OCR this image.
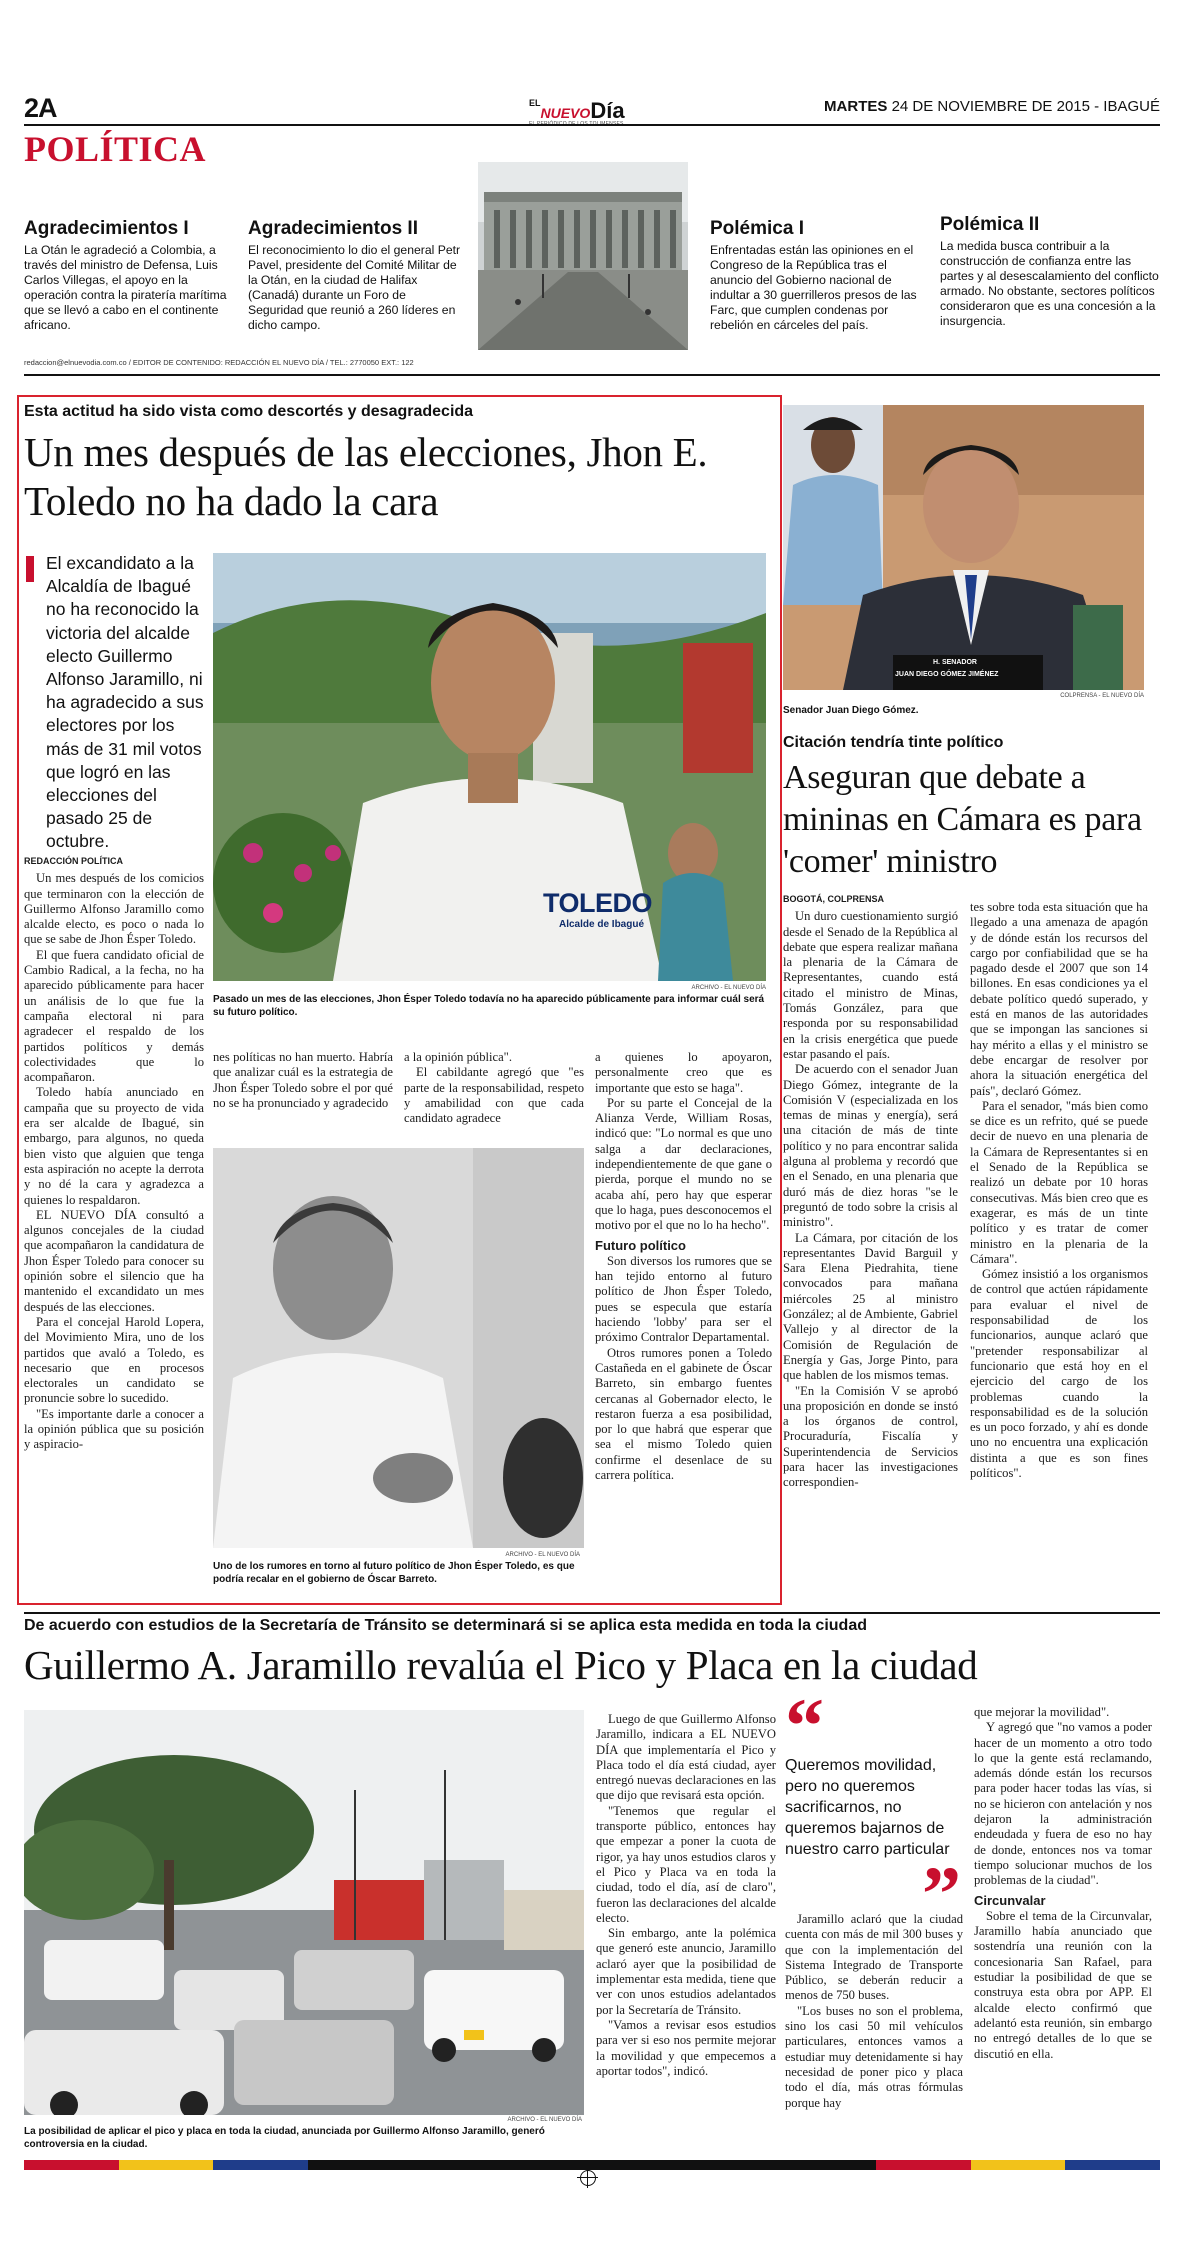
2A
POLÍTICA
$^{EL}$NUEVODía	MARTES 24 DE NOVIEMBRE DE 2015 - IBAGUÉ
Agradecimientos I
La Otán le agradeció a Colombia, a través del ministro de Defensa, Luis Carlos Villegas, el apoyo en la operación contra la piratería marítima que se llevó a cabo en el continente africano.
Agradecimientos II
El reconocimiento lo dio el general Petr Pavel, presidente del Comité Militar de la Otán, en la ciudad de Halifax (Canadá) durante un Foro de Seguridad que reunió a 260 líderes en dicho campo.
Polémica I
Enfrentadas están las opiniones en el Congreso de la República tras el anuncio del Gobierno nacional de indultar a 30 guerrilleros presos de las Farc, que cumplen condenas por rebelión en cárceles del país.
Polémica II
La medida busca contribuir a la construcción de confianza entre las partes y al desescalamiento del conflicto armado. No obstante, sectores políticos consideraron que es una concesión a la insurgencia.
redaccion@elnuevodia.com.co / EDITOR DE CONTENIDO: REDACCIÓN EL NUEVO DÍA / TEL.: 2770050 EXT.: 122
Esta actitud ha sido vista como descortés y desagradecida
Un mes después de las elecciones, Jhon E. Toledo no ha dado la cara
El excandidato a la Alcaldía de Ibagué no ha reconocido la victoria del alcalde electo Guillermo Alfonso Jaramillo, ni ha agradecido a sus electores por los más de 31 mil votos que logró en las elecciones del pasado 25 de octubre.
TOLEDO
Alcalde de Ibagué
ARCHIVO - EL NUEVO DÍA
Pasado un mes de las elecciones, Jhon Ésper Toledo todavía no ha aparecido públicamente para informar cuál será su futuro político.
REDACCIÓN POLÍTICA

Un mes después de los comicios que terminaron con la elección de Guillermo Alfonso Jaramillo como alcalde electo, es poco o nada lo que se sabe de Jhon Ésper Toledo.

El que fuera candidato oficial de Cambio Radical, a la fecha, no ha aparecido públicamente para hacer un análisis de lo que fue la campaña electoral ni para agradecer el respaldo de los partidos políticos y demás colectividades que lo acompañaron.

Toledo había anunciado en campaña que su proyecto de vida era ser alcalde de Ibagué, sin embargo, para algunos, no queda bien visto que alguien que tenga esta aspiración no acepte la derrota y no dé la cara y agradezca a quienes lo respaldaron.

EL NUEVO DÍA consultó a algunos concejales de la ciudad que acompañaron la candidatura de Jhon Ésper Toledo para conocer su opinión sobre el silencio que ha mantenido el excandidato un mes después de las elecciones.

Para el concejal Harold Lopera, del Movimiento Mira, uno de los partidos que avaló a Toledo, es necesario que en procesos electorales un candidato se pronuncie sobre lo sucedido.

"Es importante darle a conocer a la opinión pública que su posición y aspiracio-

nes políticas no han muerto. Habría que analizar cuál es la estrategia de Jhon Ésper Toledo sobre el por qué no se ha pronunciado y agradecido

a la opinión pública".

El cabildante agregó que "es parte de la responsabilidad, respeto y amabilidad con que cada candidato agradece

ARCHIVO - EL NUEVO DÍA
Uno de los rumores en torno al futuro político de Jhon Ésper Toledo, es que podría recalar en el gobierno de Óscar Barreto.

a quienes lo apoyaron, personalmente creo que es importante que esto se haga".

Por su parte el Concejal de la Alianza Verde, William Rosas, indicó que: "Lo normal es que uno salga a dar declaraciones, independientemente de que gane o pierda, porque el mundo no se acaba ahí, pero hay que esperar que lo haga, pues desconocemos el motivo por el que no lo ha hecho".

Futuro político

Son diversos los rumores que se han tejido entorno al futuro político de Jhon Ésper Toledo, pues se especula que estaría haciendo 'lobby' para ser el próximo Contralor Departamental.

Otros rumores ponen a Toledo Castañeda en el gabinete de Óscar Barreto, sin embargo fuentes cercanas al Gobernador electo, le restaron fuerza a esa posibilidad, por lo que habrá que esperar que sea el mismo Toledo quien confirme el desenlace de su carrera política.

H. SENADOR
JUAN DIEGO GÓMEZ JIMÉNEZ
COLPRENSA - EL NUEVO DÍA
Senador Juan Diego Gómez.
Citación tendría tinte político
Aseguran que debate a mininas en Cámara es para 'comer' ministro
BOGOTÁ, COLPRENSA

Un duro cuestionamiento surgió desde el Senado de la República al debate que espera realizar mañana la plenaria de la Cámara de Representantes, cuando está citado el ministro de Minas, Tomás González, para que responda por su responsabilidad en la crisis energética que puede estar pasando el país.

De acuerdo con el senador Juan Diego Gómez, integrante de la Comisión V (especializada en los temas de minas y energía), será una citación de más de tinte político y no para encontrar salida alguna al problema y recordó que en el Senado, en una plenaria que duró más de diez horas "se le preguntó de todo sobre la crisis al ministro".

La Cámara, por citación de los representantes David Barguil y Sara Elena Piedrahita, tiene convocados para mañana miércoles 25 al ministro González; al de Ambiente, Gabriel Vallejo y al director de la Comisión de Regulación de Energía y Gas, Jorge Pinto, para que hablen de los mismos temas.

"En la Comisión V se aprobó una proposición en donde se instó a los órganos de control, Procuraduría, Fiscalía y Superintendencia de Servicios para hacer las investigaciones correspondien-

tes sobre toda esta situación que ha llegado a una amenaza de apagón y de dónde están los recursos del cargo por confiabilidad que se ha pagado desde el 2007 que son 14 billones. En esas condiciones ya el debate político quedó superado, y está en manos de las autoridades que se impongan las sanciones si hay mérito a ellas y el ministro se debe encargar de resolver por ahora la situación energética del país", declaró Gómez.

Para el senador, "más bien como se dice es un refrito, qué se puede decir de nuevo en una plenaria de la Cámara de Representantes si en el Senado de la República se realizó un debate por 10 horas consecutivas. Más bien creo que es exagerar, es más de un tinte político y es tratar de comer ministro en la plenaria de la Cámara".

Gómez insistió a los organismos de control que actúen rápidamente para evaluar el nivel de responsabilidad de los funcionarios, aunque aclaró que "pretender responsabilizar al funcionario que está hoy en el ejercicio del cargo de los problemas cuando la responsabilidad es de la solución es un poco forzado, y ahí es donde uno no encuentra una explicación distinta a que es son fines políticos".

De acuerdo con estudios de la Secretaría de Tránsito se determinará si se aplica esta medida en toda la ciudad
Guillermo A. Jaramillo revalúa el Pico y Placa en la ciudad
ARCHIVO - EL NUEVO DÍA
La posibilidad de aplicar el pico y placa en toda la ciudad, anunciada por Guillermo Alfonso Jaramillo, generó controversia en la ciudad.

Luego de que Guillermo Alfonso Jaramillo, indicara a EL NUEVO DÍA que implementaría el Pico y Placa todo el día está ciudad, ayer entregó nuevas declaraciones en las que dijo que revisará esta opción.

"Tenemos que regular el transporte público, entonces hay que empezar a poner la cuota de rigor, ya hay unos estudios claros y el Pico y Placa va en toda la ciudad, todo el día, así de claro", fueron las declaraciones del alcalde electo.

Sin embargo, ante la polémica que generó este anuncio, Jaramillo aclaró ayer que la posibilidad de implementar esta medida, tiene que ver con unos estudios adelantados por la Secretaría de Tránsito.

"Vamos a revisar esos estudios para ver si eso nos permite mejorar la movilidad y que empecemos a aportar todos", indicó.

“
Queremos movilidad, pero no queremos sacrificarnos, no queremos bajarnos de nuestro carro particular
”

Jaramillo aclaró que la ciudad cuenta con más de mil 300 buses y que con la implementación del Sistema Integrado de Transporte Público, se deberán reducir a menos de 750 buses.

"Los buses no son el problema, sino los casi 50 mil vehículos particulares, entonces vamos a estudiar muy detenidamente si hay necesidad de poner pico y placa todo el día, más otras fórmulas porque hay

que mejorar la movilidad".

Y agregó que "no vamos a poder hacer de un momento a otro todo lo que la gente está reclamando, además dónde están los recursos para poder hacer todas las vías, si no se hicieron con antelación y nos dejaron la administración endeudada y fuera de eso no hay de donde, entonces nos va tomar tiempo solucionar muchos de los problemas de la ciudad".

Circunvalar

Sobre el tema de la Circunvalar, Jaramillo había anunciado que sostendría una reunión con la concesionaria San Rafael, para estudiar la posibilidad de que se construya esta obra por APP. El alcalde electo confirmó que adelantó esta reunión, sin embargo no entregó detalles de lo que se discutió en ella.
